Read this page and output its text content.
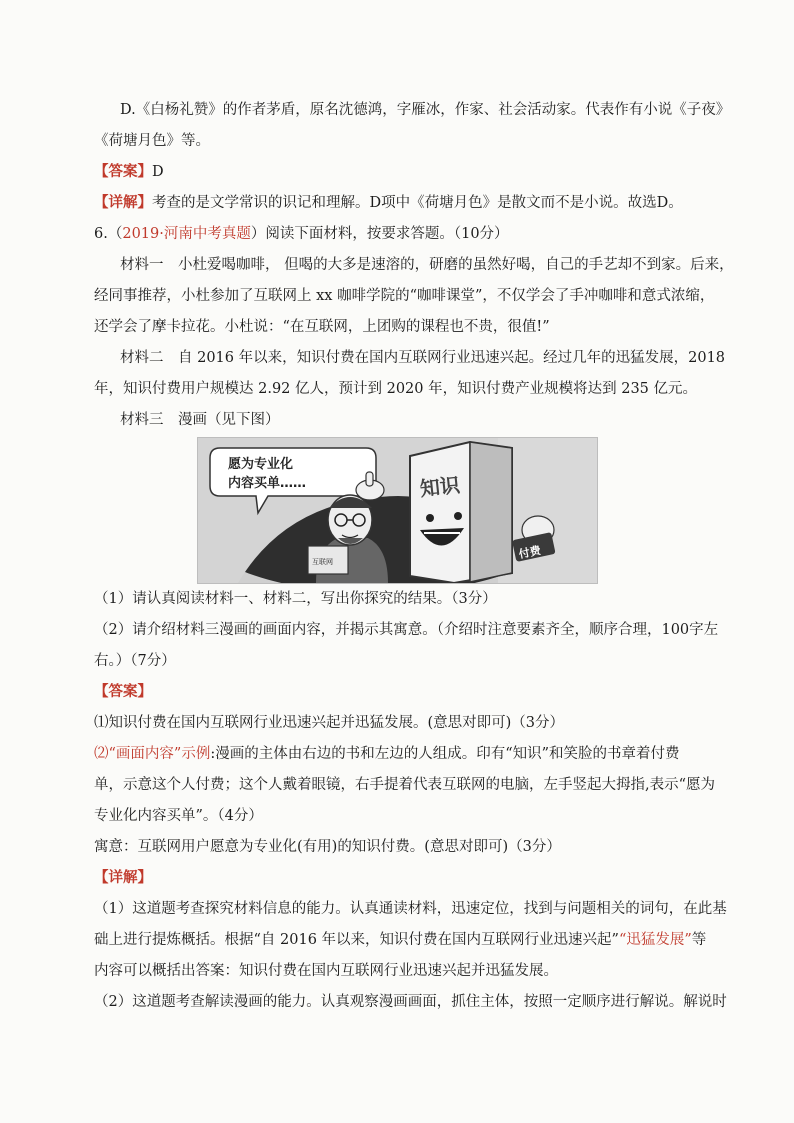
D.《白杨礼赞》的作者茅盾，原名沈德鸿，字雁冰，作家、社会活动家。代表作有小说《子夜》

《荷塘月色》等。

【答案】D

【详解】考查的是文学常识的识记和理解。D项中《荷塘月色》是散文而不是小说。故选D。

6.（2019·河南中考真题）阅读下面材料，按要求答题。（10分）

材料一　小杜爱喝咖啡， 但喝的大多是速溶的，研磨的虽然好喝，自己的手艺却不到家。后来，

经同事推荐，小杜参加了互联网上 xx 咖啡学院的“咖啡课堂”，不仅学会了手冲咖啡和意式浓缩，

还学会了摩卡拉花。小杜说：“在互联网，上团购的课程也不贵，很值!”

材料二　自 2016 年以来，知识付费在国内互联网行业迅速兴起。经过几年的迅猛发展，2018

年，知识付费用户规模达 2.92 亿人，预计到 2020 年，知识付费产业规模将达到 235 亿元。

材料三　漫画（见下图）

愿为专业化
内容买单……
互联网
知识
付费

（1）请认真阅读材料一、材料二，写出你探究的结果。（3分）

（2）请介绍材料三漫画的画面内容，并揭示其寓意。（介绍时注意要素齐全，顺序合理，100字左

右。）（7分）

【答案】

⑴知识付费在国内互联网行业迅速兴起并迅猛发展。(意思对即可)（3分）

⑵“画面内容”示例:漫画的主体由右边的书和左边的人组成。印有“知识”和笑脸的书章着付费

单，示意这个人付费；这个人戴着眼镜，右手提着代表互联网的电脑，左手竖起大拇指,表示“愿为

专业化内容买单”。（4分）

寓意：互联网用户愿意为专业化(有用)的知识付费。(意思对即可)（3分）

【详解】

（1）这道题考查探究材料信息的能力。认真通读材料，迅速定位，找到与问题相关的词句，在此基

础上进行提炼概括。根据“自 2016 年以来，知识付费在国内互联网行业迅速兴起”“迅猛发展”等

内容可以概括出答案：知识付费在国内互联网行业迅速兴起并迅猛发展。

（2）这道题考查解读漫画的能力。认真观察漫画画面，抓住主体，按照一定顺序进行解说。解说时
